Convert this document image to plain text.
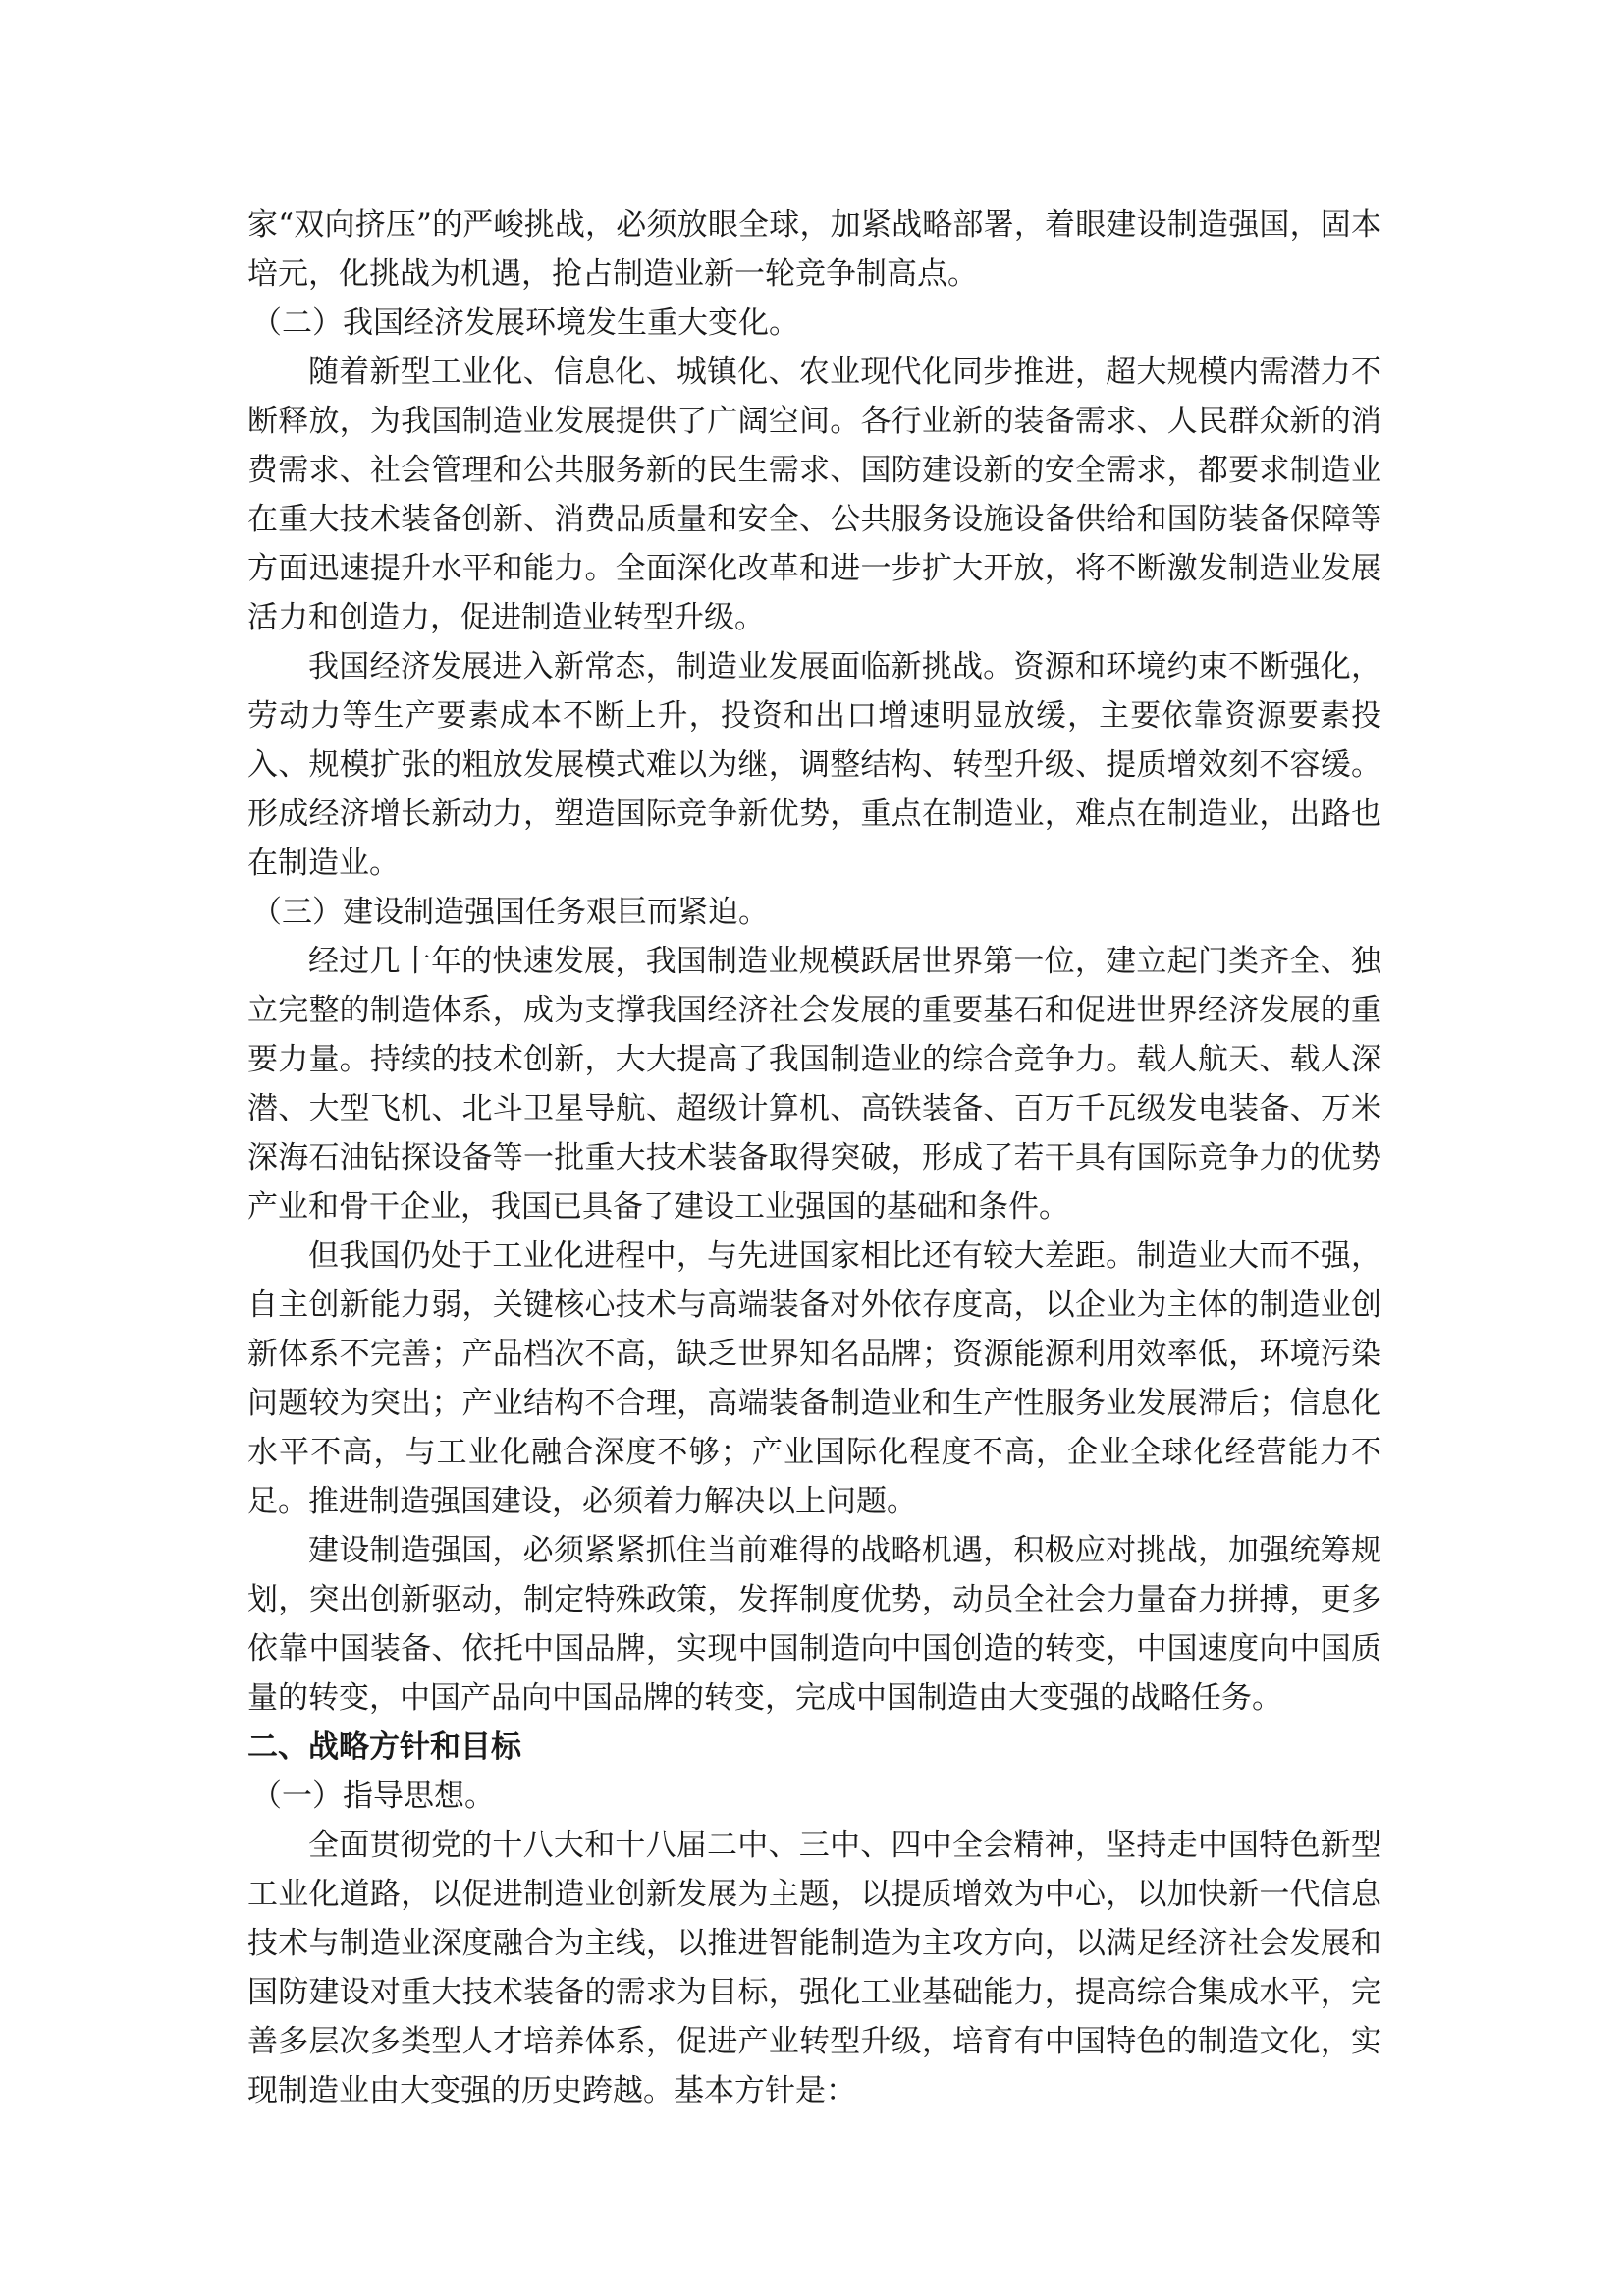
家“双向挤压”的严峻挑战，必须放眼全球，加紧战略部署，着眼建设制造强国，固本培元，化挑战为机遇，抢占制造业新一轮竞争制高点。

（二）我国经济发展环境发生重大变化。

随着新型工业化、信息化、城镇化、农业现代化同步推进，超大规模内需潜力不断释放，为我国制造业发展提供了广阔空间。各行业新的装备需求、人民群众新的消费需求、社会管理和公共服务新的民生需求、国防建设新的安全需求，都要求制造业在重大技术装备创新、消费品质量和安全、公共服务设施设备供给和国防装备保障等方面迅速提升水平和能力。全面深化改革和进一步扩大开放，将不断激发制造业发展活力和创造力，促进制造业转型升级。

我国经济发展进入新常态，制造业发展面临新挑战。资源和环境约束不断强化，劳动力等生产要素成本不断上升，投资和出口增速明显放缓，主要依靠资源要素投入、规模扩张的粗放发展模式难以为继，调整结构、转型升级、提质增效刻不容缓。形成经济增长新动力，塑造国际竞争新优势，重点在制造业，难点在制造业，出路也在制造业。

（三）建设制造强国任务艰巨而紧迫。

经过几十年的快速发展，我国制造业规模跃居世界第一位，建立起门类齐全、独立完整的制造体系，成为支撑我国经济社会发展的重要基石和促进世界经济发展的重要力量。持续的技术创新，大大提高了我国制造业的综合竞争力。载人航天、载人深潜、大型飞机、北斗卫星导航、超级计算机、高铁装备、百万千瓦级发电装备、万米深海石油钻探设备等一批重大技术装备取得突破，形成了若干具有国际竞争力的优势产业和骨干企业，我国已具备了建设工业强国的基础和条件。

但我国仍处于工业化进程中，与先进国家相比还有较大差距。制造业大而不强，自主创新能力弱，关键核心技术与高端装备对外依存度高，以企业为主体的制造业创新体系不完善；产品档次不高，缺乏世界知名品牌；资源能源利用效率低，环境污染问题较为突出；产业结构不合理，高端装备制造业和生产性服务业发展滞后；信息化水平不高，与工业化融合深度不够；产业国际化程度不高，企业全球化经营能力不足。推进制造强国建设，必须着力解决以上问题。

建设制造强国，必须紧紧抓住当前难得的战略机遇，积极应对挑战，加强统筹规划，突出创新驱动，制定特殊政策，发挥制度优势，动员全社会力量奋力拼搏，更多依靠中国装备、依托中国品牌，实现中国制造向中国创造的转变，中国速度向中国质量的转变，中国产品向中国品牌的转变，完成中国制造由大变强的战略任务。

二、战略方针和目标

（一）指导思想。

全面贯彻党的十八大和十八届二中、三中、四中全会精神，坚持走中国特色新型工业化道路，以促进制造业创新发展为主题，以提质增效为中心，以加快新一代信息技术与制造业深度融合为主线，以推进智能制造为主攻方向，以满足经济社会发展和国防建设对重大技术装备的需求为目标，强化工业基础能力，提高综合集成水平，完善多层次多类型人才培养体系，促进产业转型升级，培育有中国特色的制造文化，实现制造业由大变强的历史跨越。基本方针是：
